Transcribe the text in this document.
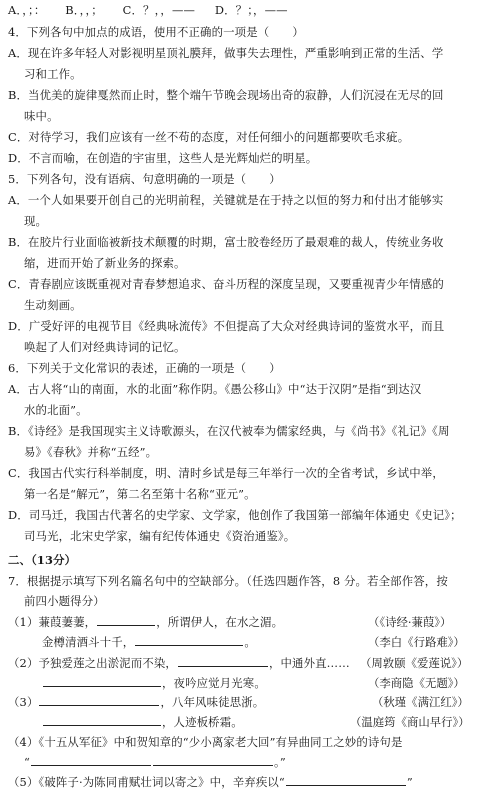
A．，；： B．，，； C．？，，—— D．？；，——
4．下列各句中加点的成语，使用不正确的一项是（　　）
A．现在许多年轻人对影视明星顶礼膜拜，做事失去理性，严重影响到正常的生活、学
习和工作。
B．当优美的旋律戛然而止时，整个端午节晚会现场出奇的寂静，人们沉浸在无尽的回
味中。
C．对待学习，我们应该有一丝不苟的态度，对任何细小的问题都要吹毛求疵。
D．不言而喻，在创造的宇宙里，这些人是光辉灿烂的明星。
5．下列各句，没有语病、句意明确的一项是（　　）
A．一个人如果要开创自己的光明前程，关键就是在于持之以恒的努力和付出才能够实
现。
B．在胶片行业面临被新技术颠覆的时期，富士胶卷经历了最艰难的裁人，传统业务收
缩，进而开始了新业务的探索。
C．青春剧应该既重视对青春梦想追求、奋斗历程的深度呈现，又要重视青少年情感的
生动刻画。
D．广受好评的电视节目《经典咏流传》不但提高了大众对经典诗词的鉴赏水平，而且
唤起了人们对经典诗词的记忆。
6．下列关于文化常识的表述，正确的一项是（　　）
A．古人将“山的南面，水的北面”称作阴。《愚公移山》中“达于汉阴”是指“到达汉
水的北面”。
B．《诗经》是我国现实主义诗歌源头，在汉代被奉为儒家经典，与《尚书》《礼记》《周
易》《春秋》并称“五经”。
C．我国古代实行科举制度，明、清时乡试是每三年举行一次的全省考试，乡试中举，
第一名是“解元”，第二名至第十名称“亚元”。
D．司马迁，我国古代著名的史学家、文学家，他创作了我国第一部编年体通史《史记》；
司马光，北宋史学家，编有纪传体通史《资治通鉴》。
二、（13分）
7．根据提示填写下列名篇名句中的空缺部分。（任选四题作答，8 分。若全部作答，按
前四小题得分）
（1）蒹葭萋萋，	，所谓伊人，在水之湄。	（《诗经·蒹葭》）
金樽清酒斗十千，	。	（李白《行路难》）
（2）予独爱莲之出淤泥而不染，	，中通外直…… （周敦颐《爱莲说》）
，夜吟应觉月光寒。	（李商隐《无题》）
（3）	，八年风味徒思浙。	（秋瑾《满江红》）
，人迹板桥霜。	（温庭筠《商山早行》）
（4）《十五从军征》中和贺知章的“少小离家老大回”有异曲同工之妙的诗句是
“	。”
（5）《破阵子·为陈同甫赋壮词以寄之》中，辛弃疾以“	”
